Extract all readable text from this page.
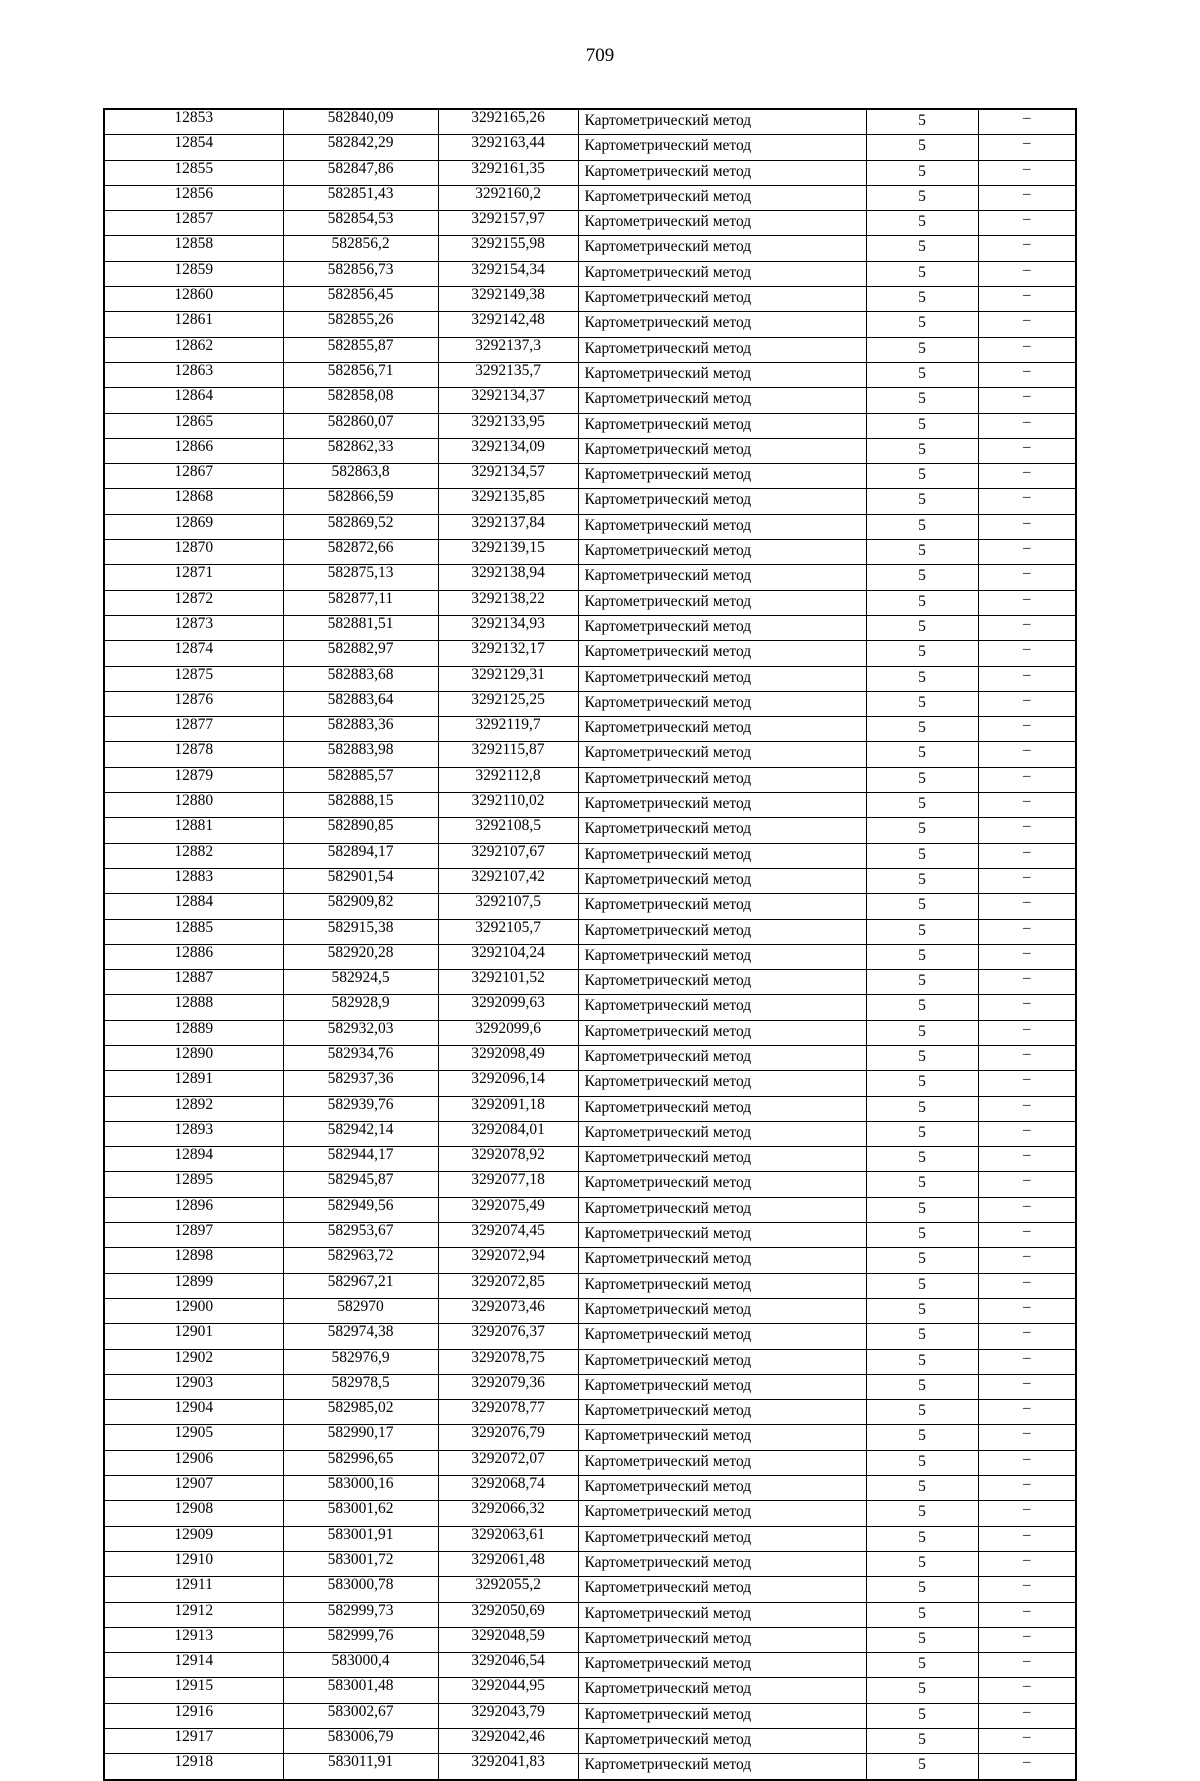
709
12853	582840,09	3292165,26	Картометрический метод	5	–
12854	582842,29	3292163,44	Картометрический метод	5	–
12855	582847,86	3292161,35	Картометрический метод	5	–
12856	582851,43	3292160,2	Картометрический метод	5	–
12857	582854,53	3292157,97	Картометрический метод	5	–
12858	582856,2	3292155,98	Картометрический метод	5	–
12859	582856,73	3292154,34	Картометрический метод	5	–
12860	582856,45	3292149,38	Картометрический метод	5	–
12861	582855,26	3292142,48	Картометрический метод	5	–
12862	582855,87	3292137,3	Картометрический метод	5	–
12863	582856,71	3292135,7	Картометрический метод	5	–
12864	582858,08	3292134,37	Картометрический метод	5	–
12865	582860,07	3292133,95	Картометрический метод	5	–
12866	582862,33	3292134,09	Картометрический метод	5	–
12867	582863,8	3292134,57	Картометрический метод	5	–
12868	582866,59	3292135,85	Картометрический метод	5	–
12869	582869,52	3292137,84	Картометрический метод	5	–
12870	582872,66	3292139,15	Картометрический метод	5	–
12871	582875,13	3292138,94	Картометрический метод	5	–
12872	582877,11	3292138,22	Картометрический метод	5	–
12873	582881,51	3292134,93	Картометрический метод	5	–
12874	582882,97	3292132,17	Картометрический метод	5	–
12875	582883,68	3292129,31	Картометрический метод	5	–
12876	582883,64	3292125,25	Картометрический метод	5	–
12877	582883,36	3292119,7	Картометрический метод	5	–
12878	582883,98	3292115,87	Картометрический метод	5	–
12879	582885,57	3292112,8	Картометрический метод	5	–
12880	582888,15	3292110,02	Картометрический метод	5	–
12881	582890,85	3292108,5	Картометрический метод	5	–
12882	582894,17	3292107,67	Картометрический метод	5	–
12883	582901,54	3292107,42	Картометрический метод	5	–
12884	582909,82	3292107,5	Картометрический метод	5	–
12885	582915,38	3292105,7	Картометрический метод	5	–
12886	582920,28	3292104,24	Картометрический метод	5	–
12887	582924,5	3292101,52	Картометрический метод	5	–
12888	582928,9	3292099,63	Картометрический метод	5	–
12889	582932,03	3292099,6	Картометрический метод	5	–
12890	582934,76	3292098,49	Картометрический метод	5	–
12891	582937,36	3292096,14	Картометрический метод	5	–
12892	582939,76	3292091,18	Картометрический метод	5	–
12893	582942,14	3292084,01	Картометрический метод	5	–
12894	582944,17	3292078,92	Картометрический метод	5	–
12895	582945,87	3292077,18	Картометрический метод	5	–
12896	582949,56	3292075,49	Картометрический метод	5	–
12897	582953,67	3292074,45	Картометрический метод	5	–
12898	582963,72	3292072,94	Картометрический метод	5	–
12899	582967,21	3292072,85	Картометрический метод	5	–
12900	582970	3292073,46	Картометрический метод	5	–
12901	582974,38	3292076,37	Картометрический метод	5	–
12902	582976,9	3292078,75	Картометрический метод	5	–
12903	582978,5	3292079,36	Картометрический метод	5	–
12904	582985,02	3292078,77	Картометрический метод	5	–
12905	582990,17	3292076,79	Картометрический метод	5	–
12906	582996,65	3292072,07	Картометрический метод	5	–
12907	583000,16	3292068,74	Картометрический метод	5	–
12908	583001,62	3292066,32	Картометрический метод	5	–
12909	583001,91	3292063,61	Картометрический метод	5	–
12910	583001,72	3292061,48	Картометрический метод	5	–
12911	583000,78	3292055,2	Картометрический метод	5	–
12912	582999,73	3292050,69	Картометрический метод	5	–
12913	582999,76	3292048,59	Картометрический метод	5	–
12914	583000,4	3292046,54	Картометрический метод	5	–
12915	583001,48	3292044,95	Картометрический метод	5	–
12916	583002,67	3292043,79	Картометрический метод	5	–
12917	583006,79	3292042,46	Картометрический метод	5	–
12918	583011,91	3292041,83	Картометрический метод	5	–
